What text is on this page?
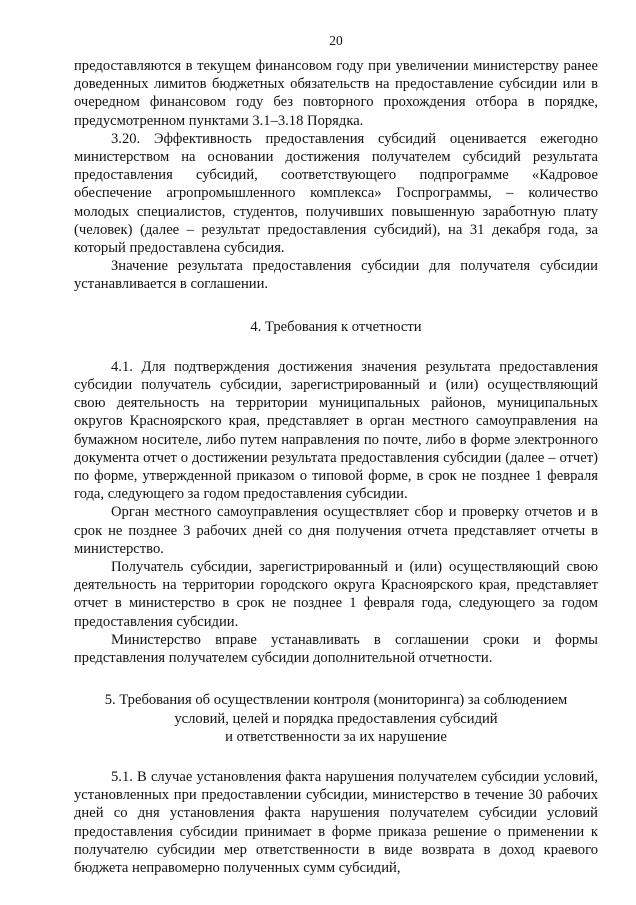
20

предоставляются в текущем финансовом году при увеличении министерству ранее доведенных лимитов бюджетных обязательств на предоставление субсидии или в очередном финансовом году без повторного прохождения отбора в порядке, предусмотренном пунктами 3.1–3.18 Порядка.

3.20. Эффективность предоставления субсидий оценивается ежегодно министерством на основании достижения получателем субсидий результата предоставления субсидий, соответствующего подпрограмме «Кадровое обеспечение агропромышленного комплекса» Госпрограммы, – количество молодых специалистов, студентов, получивших повышенную заработную плату (человек) (далее – результат предоставления субсидий), на 31 декабря года, за который предоставлена субсидия.

Значение результата предоставления субсидии для получателя субсидии устанавливается в соглашении.

4. Требования к отчетности

4.1. Для подтверждения достижения значения результата предоставления субсидии получатель субсидии, зарегистрированный и (или) осуществляющий свою деятельность на территории муниципальных районов, муниципальных округов Красноярского края, представляет в орган местного самоуправления на бумажном носителе, либо путем направления по почте, либо в форме электронного документа отчет о достижении результата предоставления субсидии (далее – отчет) по форме, утвержденной приказом о типовой форме, в срок не позднее 1 февраля года, следующего за годом предоставления субсидии.

Орган местного самоуправления осуществляет сбор и проверку отчетов и в срок не позднее 3 рабочих дней со дня получения отчета представляет отчеты в министерство.

Получатель субсидии, зарегистрированный и (или) осуществляющий свою деятельность на территории городского округа Красноярского края, представляет отчет в министерство в срок не позднее 1 февраля года, следующего за годом предоставления субсидии.

Министерство вправе устанавливать в соглашении сроки и формы представления получателем субсидии дополнительной отчетности.

5. Требования об осуществлении контроля (мониторинга) за соблюдением
условий, целей и порядка предоставления субсидий
и ответственности за их нарушение

5.1. В случае установления факта нарушения получателем субсидии условий, установленных при предоставлении субсидии, министерство в течение 30 рабочих дней со дня установления факта нарушения получателем субсидии условий предоставления субсидии принимает в форме приказа решение о применении к получателю субсидии мер ответственности в виде возврата в доход краевого бюджета неправомерно полученных сумм субсидий,
